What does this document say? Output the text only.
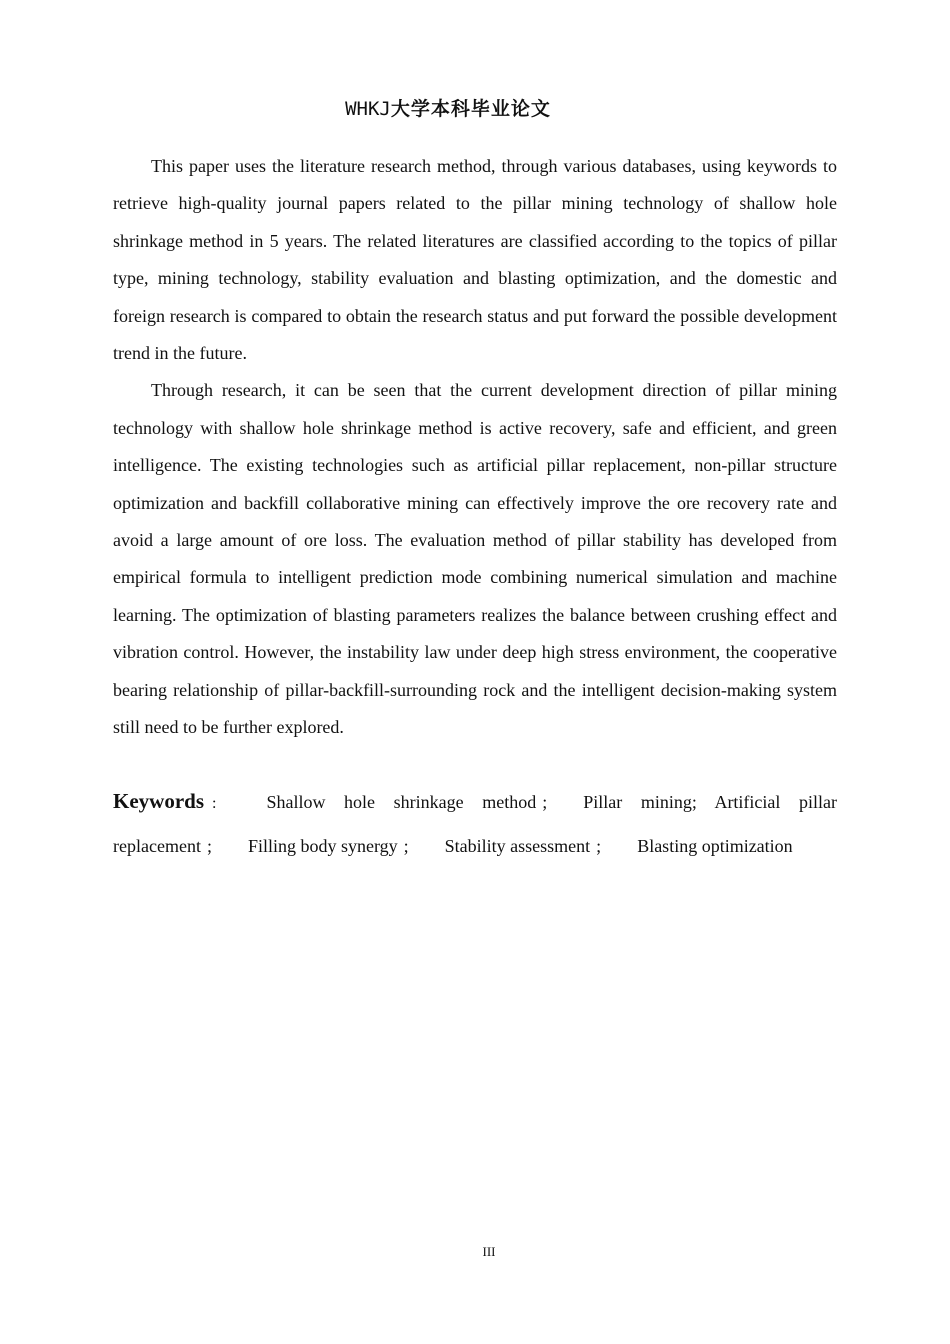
WHKJ大学本科毕业论文

This paper uses the literature research method, through various databases, using keywords to retrieve high-quality journal papers related to the pillar mining technology of shallow hole shrinkage method in 5 years. The related literatures are classified according to the topics of pillar type, mining technology, stability evaluation and blasting optimization, and the domestic and foreign research is compared to obtain the research status and put forward the possible development trend in the future.

Through research, it can be seen that the current development direction of pillar mining technology with shallow hole shrinkage method is active recovery, safe and efficient, and green intelligence. The existing technologies such as artificial pillar replacement, non-pillar structure optimization and backfill collaborative mining can effectively improve the ore recovery rate and avoid a large amount of ore loss. The evaluation method of pillar stability has developed from empirical formula to intelligent prediction mode combining numerical simulation and machine learning. The optimization of blasting parameters realizes the balance between crushing effect and vibration control. However, the instability law under deep high stress environment, the cooperative bearing relationship of pillar-backfill-surrounding rock and the intelligent decision-making system still need to be further explored.

Keywords :	Shallow hole shrinkage method ; Pillar mining; Artificial pillar replacement ; Filling body synergy ; Stability assessment ; Blasting optimization
III
